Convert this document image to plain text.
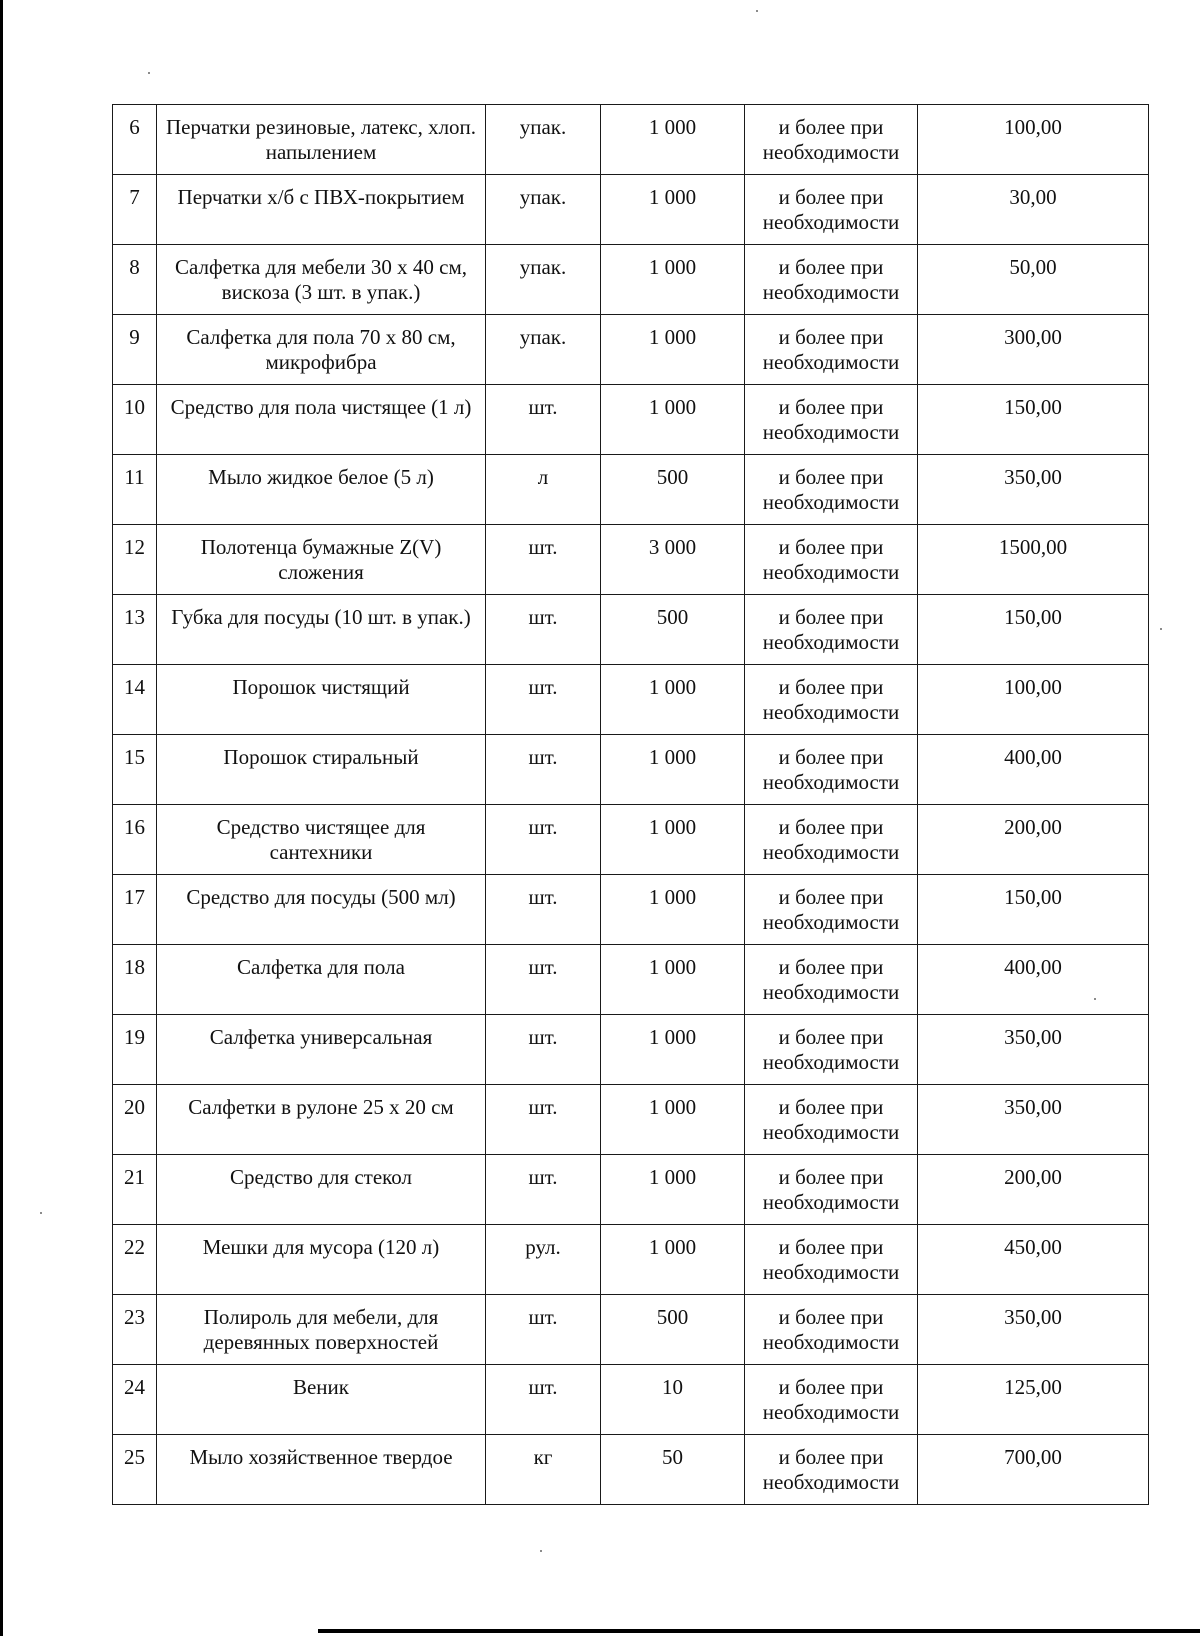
6	Перчатки резиновые, латекс, хлоп. напылением	упак.	1 000	и более при необходимости	100,00
7	Перчатки х/б с ПВХ-покрытием	упак.	1 000	и более при необходимости	30,00
8	Салфетка для мебели 30 х 40 см, вискоза (3 шт. в упак.)	упак.	1 000	и более при необходимости	50,00
9	Салфетка для пола 70 х 80 см, микрофибра	упак.	1 000	и более при необходимости	300,00
10	Средство для пола чистящее (1 л)	шт.	1 000	и более при необходимости	150,00
11	Мыло жидкое белое (5 л)	л	500	и более при необходимости	350,00
12	Полотенца бумажные Z(V) сложения	шт.	3 000	и более при необходимости	1500,00
13	Губка для посуды (10 шт. в упак.)	шт.	500	и более при необходимости	150,00
14	Порошок чистящий	шт.	1 000	и более при необходимости	100,00
15	Порошок стиральный	шт.	1 000	и более при необходимости	400,00
16	Средство чистящее для сантехники	шт.	1 000	и более при необходимости	200,00
17	Средство для посуды (500 мл)	шт.	1 000	и более при необходимости	150,00
18	Салфетка для пола	шт.	1 000	и более при необходимости	400,00
19	Салфетка универсальная	шт.	1 000	и более при необходимости	350,00
20	Салфетки в рулоне 25 х 20 см	шт.	1 000	и более при необходимости	350,00
21	Средство для стекол	шт.	1 000	и более при необходимости	200,00
22	Мешки для мусора (120 л)	рул.	1 000	и более при необходимости	450,00
23	Полироль для мебели, для деревянных поверхностей	шт.	500	и более при необходимости	350,00
24	Веник	шт.	10	и более при необходимости	125,00
25	Мыло хозяйственное твердое	кг	50	и более при необходимости	700,00
